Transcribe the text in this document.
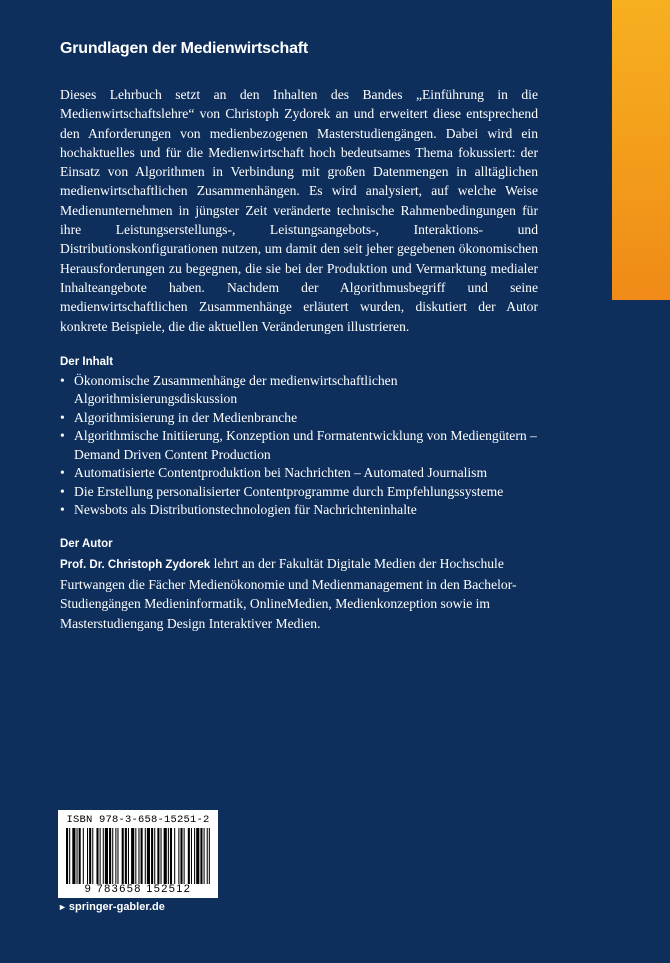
Grundlagen der Medienwirtschaft

Dieses Lehrbuch setzt an den Inhalten des Bandes „Einführung in die Medienwirtschaftslehre“ von Christoph Zydorek an und erweitert diese entsprechend den Anforderungen von medienbezogenen Masterstudiengängen. Dabei wird ein hochaktuelles und für die Medienwirtschaft hoch bedeutsames Thema fokussiert: der Einsatz von Algorithmen in Verbindung mit großen Datenmengen in alltäglichen medienwirtschaftlichen Zusammenhängen. Es wird analysiert, auf welche Weise Medienunternehmen in jüngster Zeit veränderte technische Rahmenbedingungen für ihre Leistungserstellungs-, Leistungsangebots-, Interaktions- und Distributionskonfigurationen nutzen, um damit den seit jeher gegebenen ökonomischen Herausforderungen zu begegnen, die sie bei der Produktion und Vermarktung medialer Inhalteangebote haben. Nachdem der Algorithmusbegriff und seine medienwirtschaftlichen Zusammenhänge erläutert wurden, diskutiert der Autor konkrete Beispiele, die die aktuellen Veränderungen illustrieren.

Der Inhalt
• Ökonomische Zusammenhänge der medienwirtschaftlichen Algorithmisierungsdiskussion
• Algorithmisierung in der Medienbranche
• Algorithmische Initiierung, Konzeption und Formatentwicklung von Mediengütern – Demand Driven Content Production
• Automatisierte Contentproduktion bei Nachrichten – Automated Journalism
• Die Erstellung personalisierter Contentprogramme durch Empfehlungssysteme
• Newsbots als Distributionstechnologien für Nachrichteninhalte
Der Autor

Prof. Dr. Christoph Zydorek lehrt an der Fakultät Digitale Medien der Hochschule Furtwangen die Fächer Medienökonomie und Medienmanagement in den Bachelor-Studiengängen Medieninformatik, OnlineMedien, Medienkonzeption sowie im Masterstudiengang Design Interaktiver Medien.

ISBN 978-3-658-15251-2
9 783658 152512
► springer-gabler.de
